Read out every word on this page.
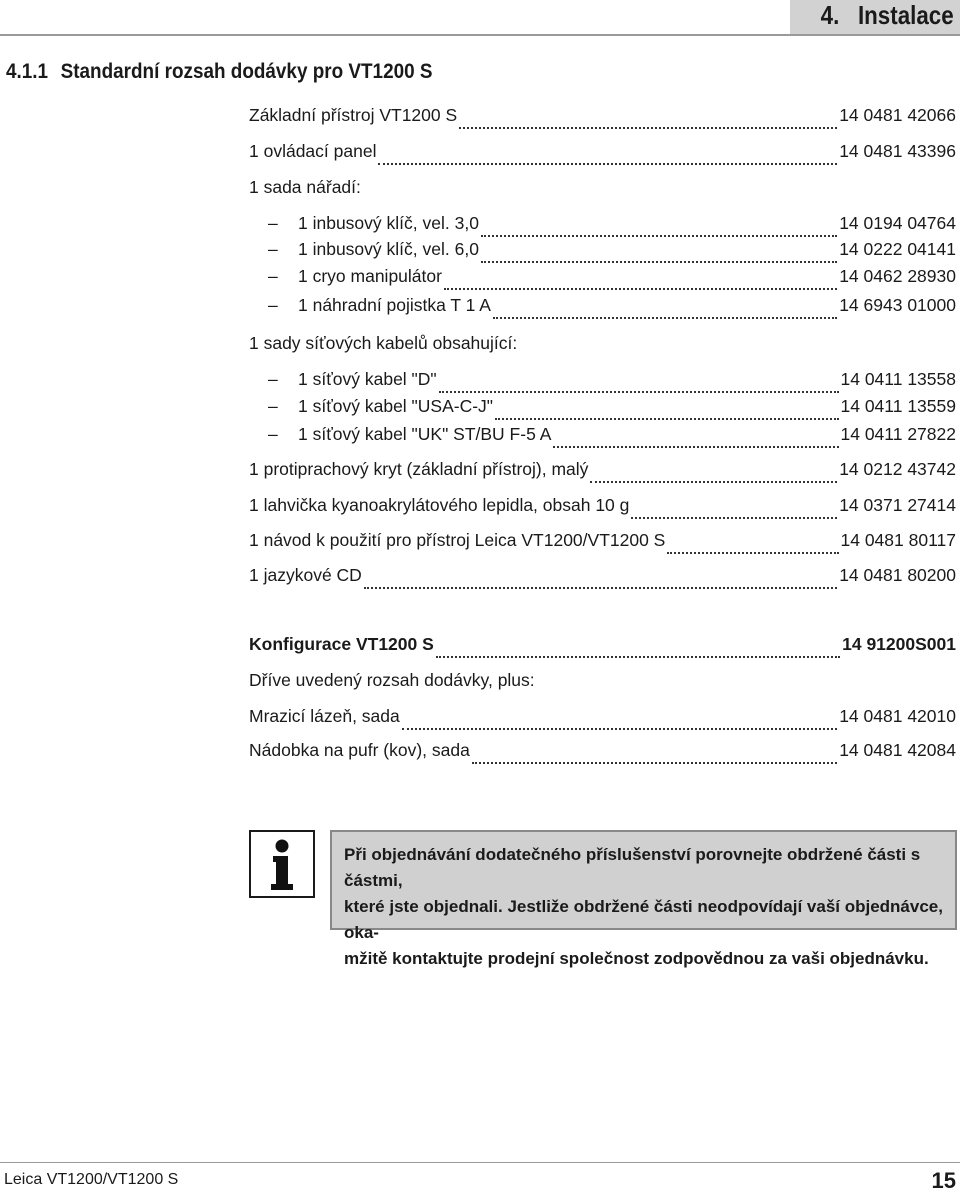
4. Instalace
4.1.1 Standardní rozsah dodávky pro VT1200 S
Základní přístroj VT1200 S	14 0481 42066
1 ovládací panel	14 0481 43396
1 sada nářadí:
– 1 inbusový klíč, vel. 3,0	14 0194 04764
– 1 inbusový klíč, vel. 6,0	14 0222 04141
– 1 cryo manipulátor	14 0462 28930
– 1 náhradní pojistka T 1 A	14 6943 01000
1 sady síťových kabelů obsahující:
– 1 síťový kabel "D"	14 0411 13558
– 1 síťový kabel "USA-C-J"	14 0411 13559
– 1 síťový kabel "UK" ST/BU F-5 A	14 0411 27822
1 protiprachový kryt (základní přístroj), malý	14 0212 43742
1 lahvička kyanoakrylátového lepidla, obsah 10 g	14 0371 27414
1 návod k použití pro přístroj Leica VT1200/VT1200 S	14 0481 80117
1 jazykové CD	14 0481 80200
Konfigurace VT1200 S	14 91200S001
Dříve uvedený rozsah dodávky, plus:
Mrazicí lázeň, sada	14 0481 42010
Nádobka na pufr (kov), sada	14 0481 42084

Při objednávání dodatečného příslušenství porovnejte obdržené části s částmi,

které jste objednali. Jestliže obdržené části neodpovídají vaší objednávce, oka-

mžitě kontaktujte prodejní společnost zodpovědnou za vaši objednávku.

Leica VT1200/VT1200 S	15
